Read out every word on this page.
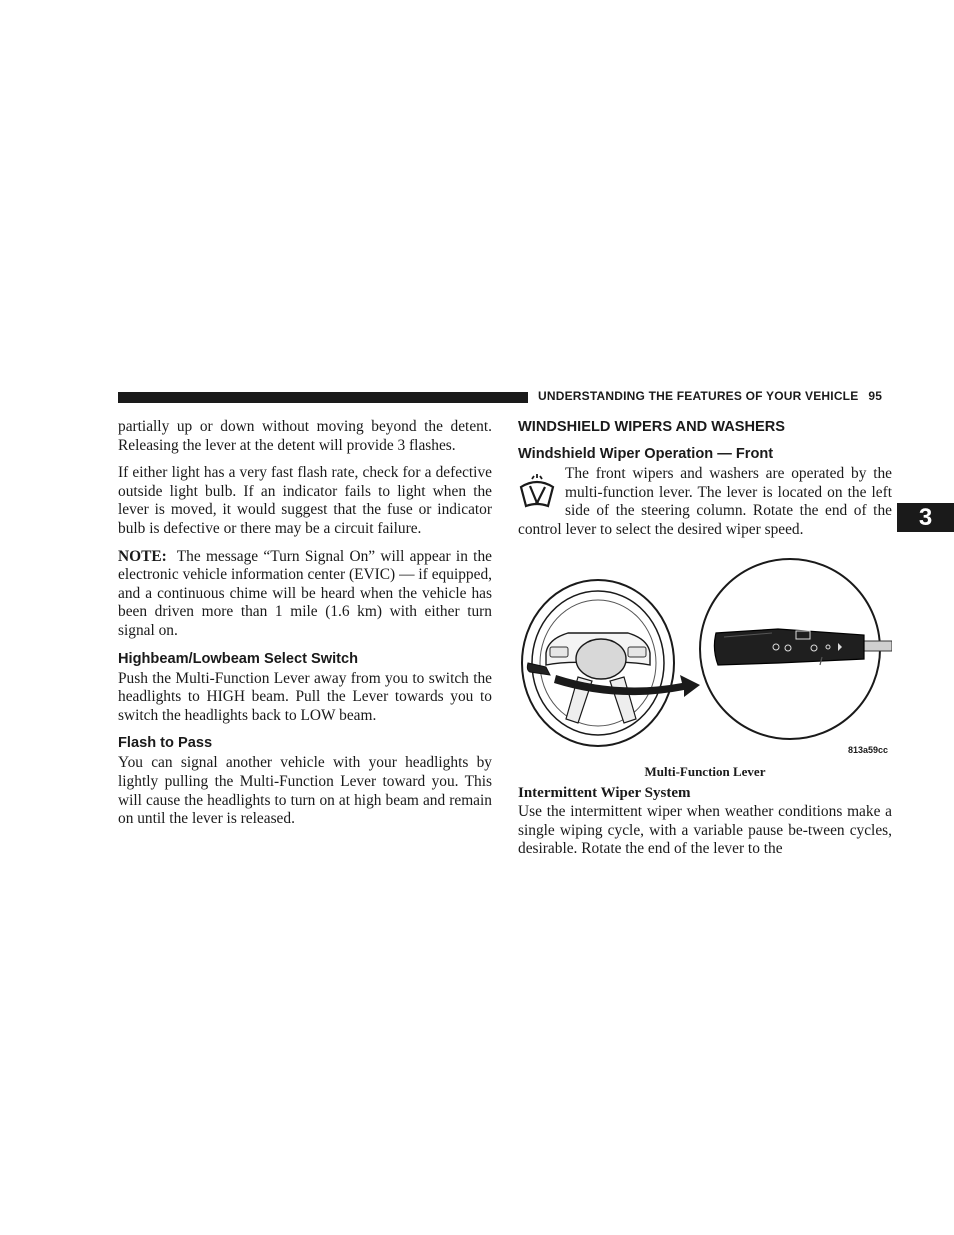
UNDERSTANDING THE FEATURES OF YOUR VEHICLE 95
3

partially up or down without moving beyond the detent. Releasing the lever at the detent will provide 3 flashes.

If either light has a very fast flash rate, check for a defective outside light bulb. If an indicator fails to light when the lever is moved, it would suggest that the fuse or indicator bulb is defective or there may be a circuit failure.

NOTE: The message “Turn Signal On” will appear in the electronic vehicle information center (EVIC) — if equipped, and a continuous chime will be heard when the vehicle has been driven more than 1 mile (1.6 km) with either turn signal on.

Highbeam/Lowbeam Select Switch

Push the Multi-Function Lever away from you to switch the headlights to HIGH beam. Pull the Lever towards you to switch the headlights back to LOW beam.

Flash to Pass

You can signal another vehicle with your headlights by lightly pulling the Multi-Function Lever toward you. This will cause the headlights to turn on at high beam and remain on until the lever is released.

WINDSHIELD WIPERS AND WASHERS
Windshield Wiper Operation — Front

The front wipers and washers are operated by the multi-function lever. The lever is located on the left side of the steering column. Rotate the end of the control lever to select the desired wiper speed.

813a59cc
Multi-Function Lever
Intermittent Wiper System

Use the intermittent wiper when weather conditions make a single wiping cycle, with a variable pause be-tween cycles, desirable. Rotate the end of the lever to the
